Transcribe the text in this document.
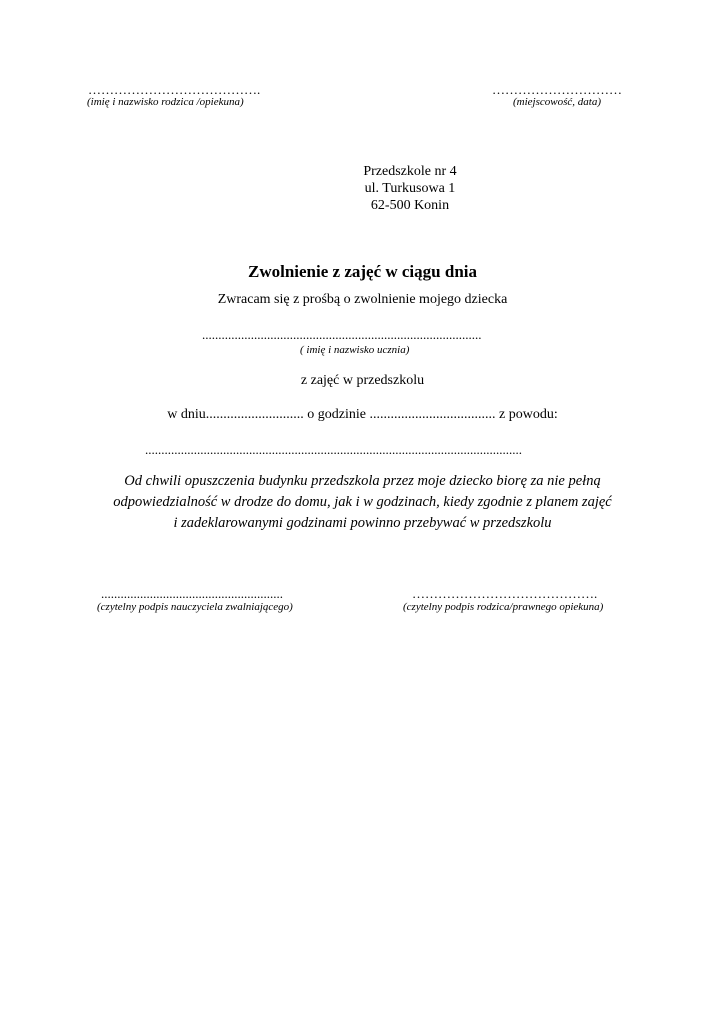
………………………………….
(imię i nazwisko rodzica /opiekuna)
…………………………
(miejscowość, data)
Przedszkole nr 4
ul. Turkusowa 1
62-500 Konin
Zwolnienie z zajęć w ciągu dnia
Zwracam się z prośbą o zwolnienie mojego dziecka
......................................................................................
( imię i nazwisko ucznia)
z zajęć w przedszkolu
w dniu............................ o godzinie .................................... z powodu:
....................................................................................................................
Od chwili opuszczenia budynku przedszkola przez moje dziecko biorę za nie pełną
odpowiedzialność w drodze do domu, jak i w godzinach, kiedy zgodnie z planem zajęć
i zadeklarowanymi godzinami powinno przebywać w przedszkolu
........................................................
(czytelny podpis nauczyciela zwalniającego)
…………………………………….
(czytelny podpis rodzica/prawnego opiekuna)
